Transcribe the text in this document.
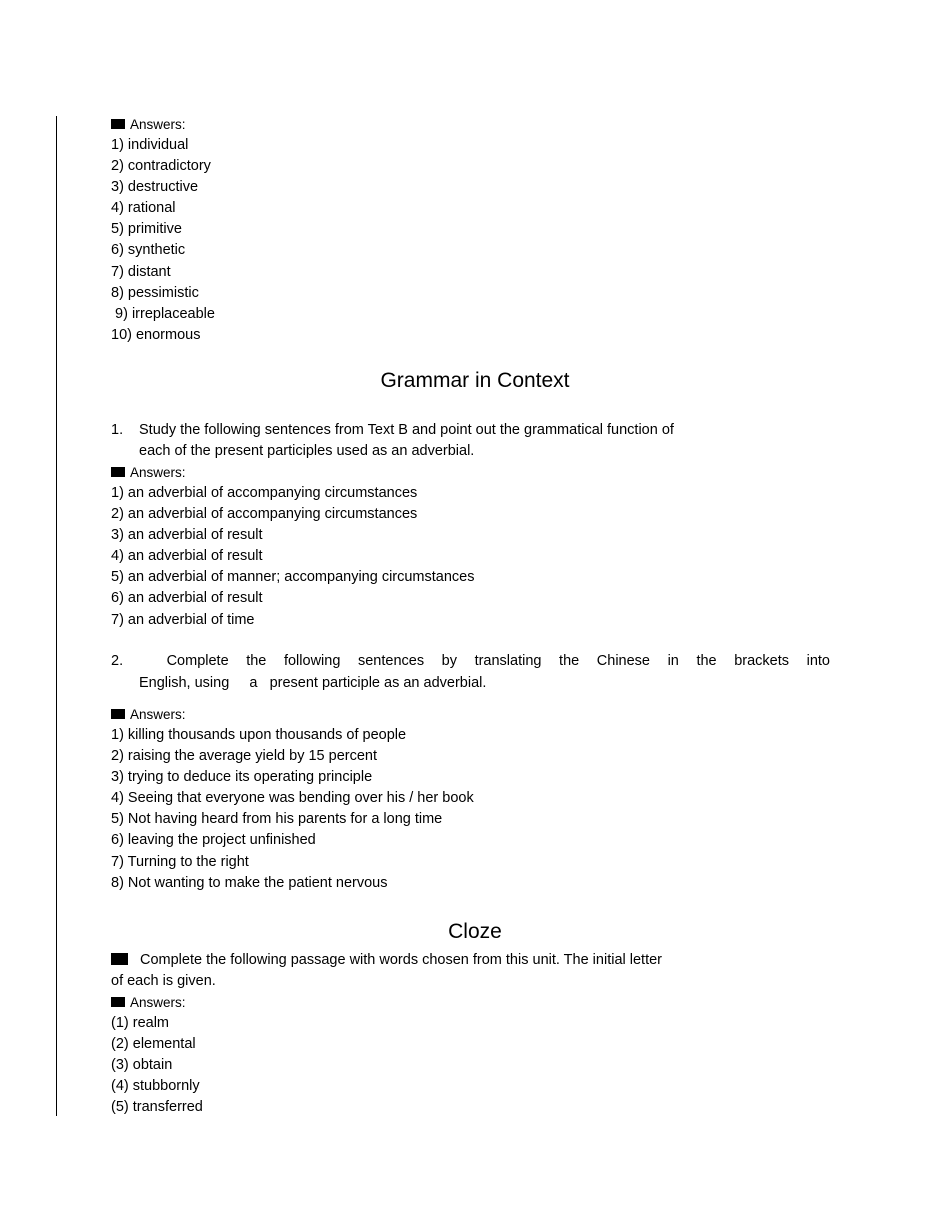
Answers:
1) individual
2) contradictory
3) destructive
4) rational
5) primitive
6) synthetic
7) distant
8) pessimistic
9) irreplaceable
10) enormous
Grammar in Context
1. Study the following sentences from Text B and point out the grammatical function of
each of the present participles used as an adverbial.
Answers:
1) an adverbial of accompanying circumstances
2) an adverbial of accompanying circumstances
3) an adverbial of result
4) an adverbial of result
5) an adverbial of manner; accompanying circumstances
6) an adverbial of result
7) an adverbial of time
2.	Complete the following sentences by translating the Chinese in the brackets into
English, using     a   present participle as an adverbial.
Answers:
1) killing thousands upon thousands of people
2) raising the average yield by 15 percent
3) trying to deduce its operating principle
4) Seeing that everyone was bending over his / her book
5) Not having heard from his parents for a long time
6) leaving the project unfinished
7) Turning to the right
8) Not wanting to make the patient nervous
Cloze
Complete the following passage with words chosen from this unit. The initial letter
of each is given.
Answers:
(1) realm
(2) elemental
(3) obtain
(4) stubbornly
(5) transferred
